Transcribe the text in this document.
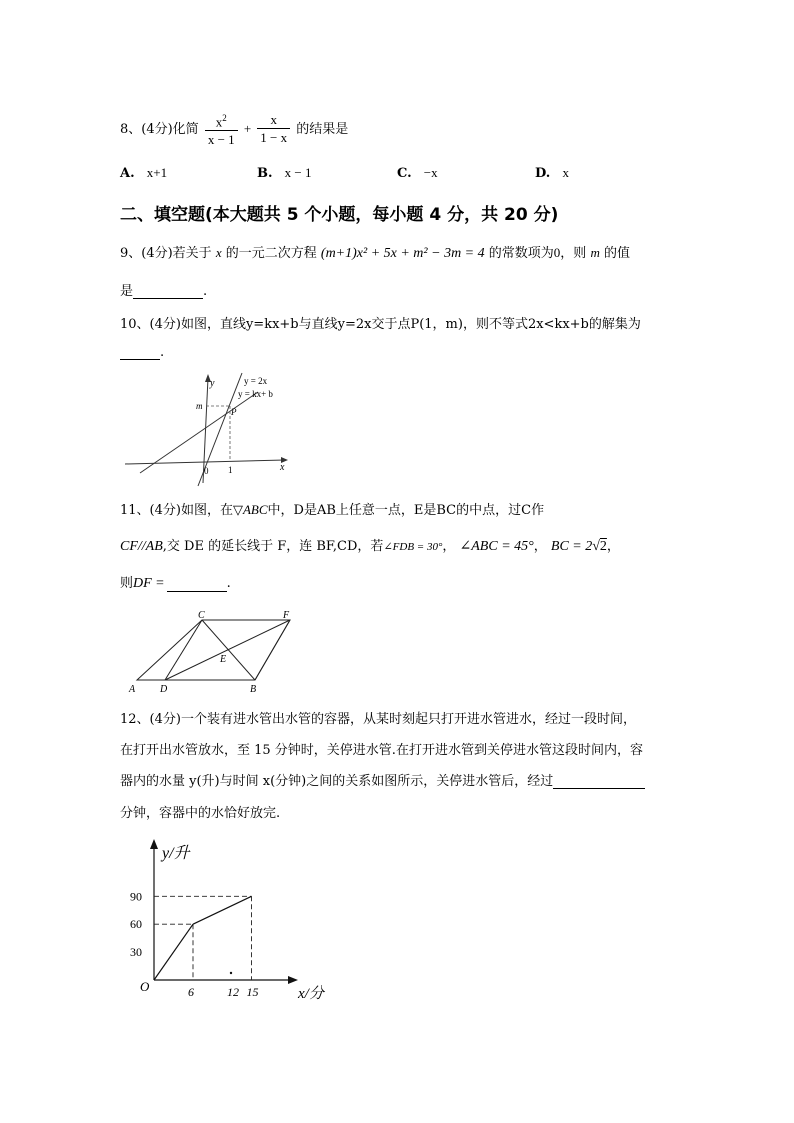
8、(4分)化简 $\frac{x^2}{x - 1} + \frac{x}{1 - x}$ 的结果是
A. x+1	B. x − 1	C. −x	D. x
二、填空题(本大题共 5 个小题，每小题 4 分，共 20 分)
9、(4分)若关于 x 的一元二次方程 (m+1)x² + 5x + m² − 3m = 4 的常数项为0，则 m 的值
是	.
10、(4分)如图，直线y=kx+b与直线y=2x交于点P(1，m)，则不等式2x<kx+b的解集为
.
y
x
0
m
1
P
y = 2x
y = kx+ b
11、(4分)如图，在▽ABC中，D是AB上任意一点，E是BC的中点，过C作
CF//AB,交 DE 的延长线于 F，连 BF,CD，若∠FDB = 30°， ∠ABC = 45°， BC = 2√2，
则DF =	.
A D	B
C	F
E
12、(4分)一个装有进水管出水管的容器，从某时刻起只打开进水管进水，经过一段时间，
在打开出水管放水，至 15 分钟时，关停进水管.在打开进水管到关停进水管这段时间内，容
器内的水量 y(升)与时间 x(分钟)之间的关系如图所示，关停进水管后，经过
分钟，容器中的水恰好放完.
6	12 15
30
60
90
O
y/升
x/分
